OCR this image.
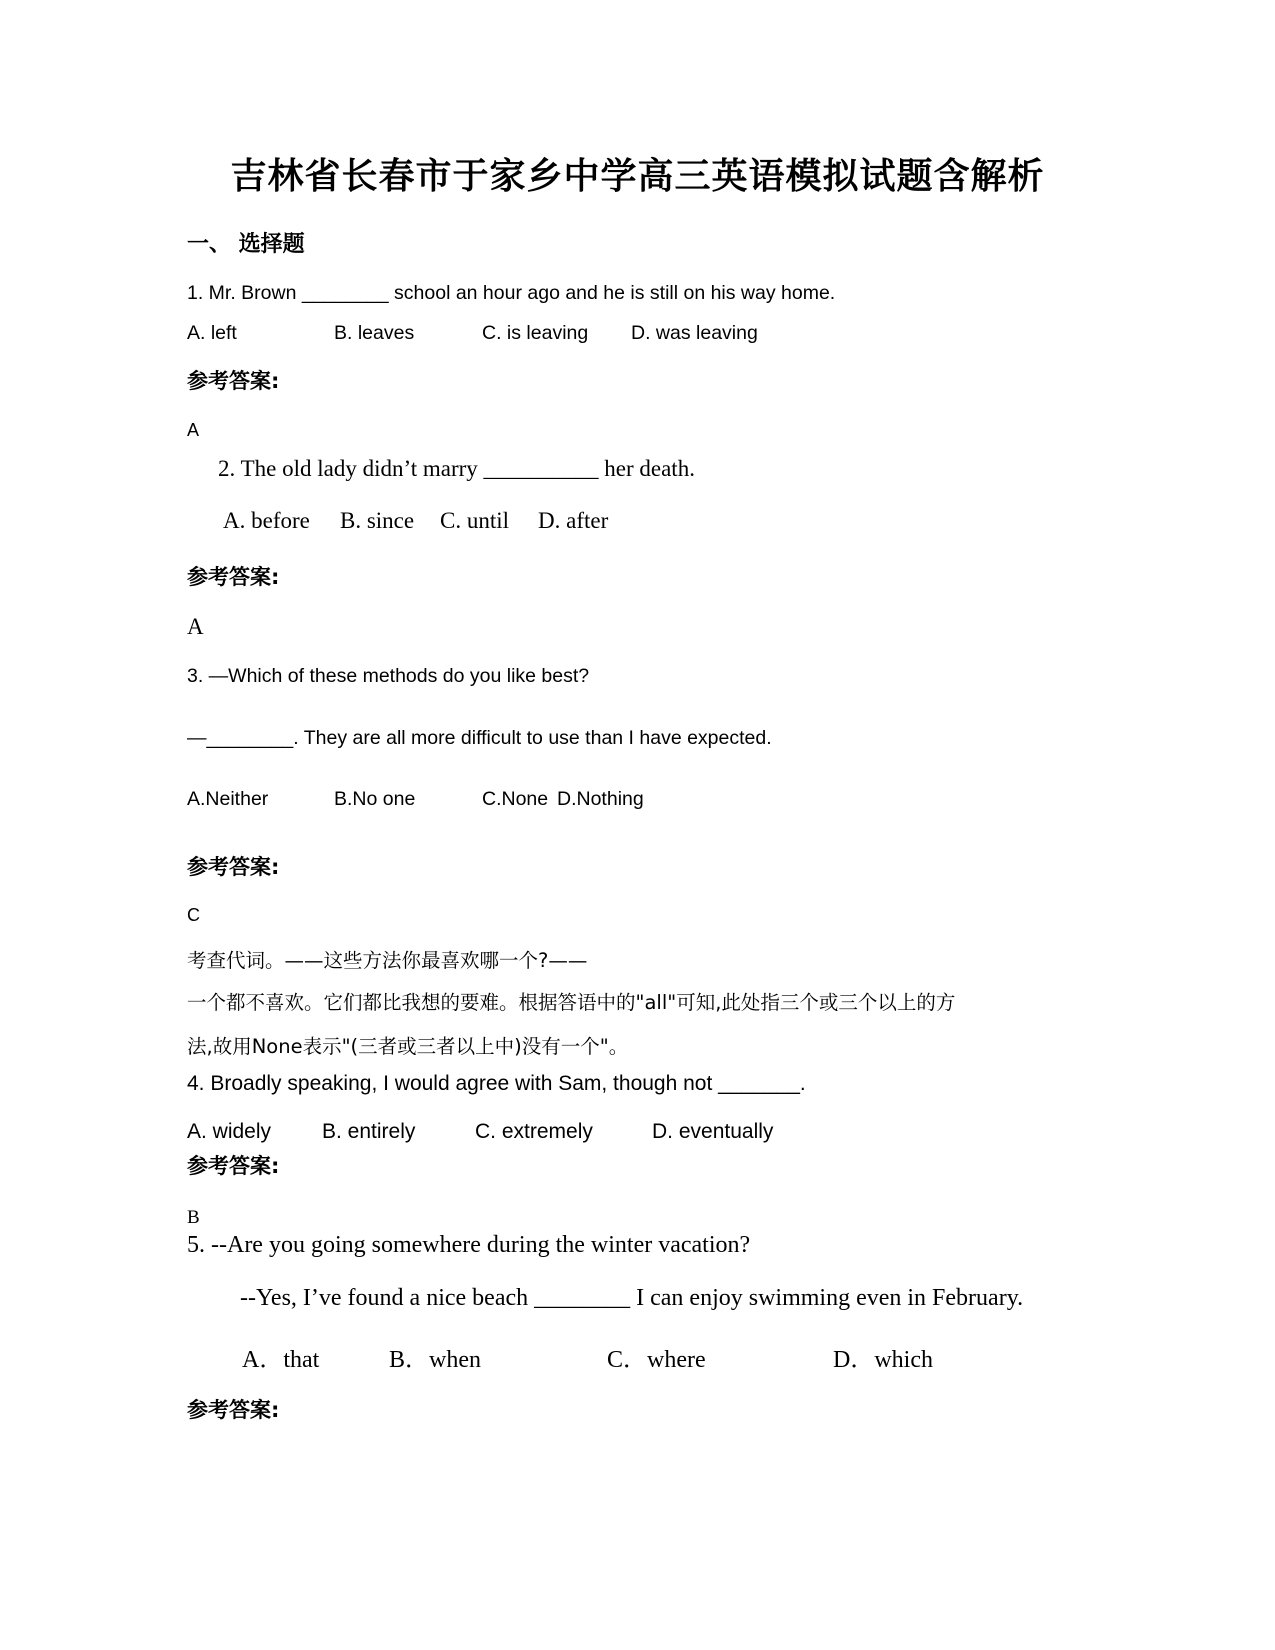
吉林省长春市于家乡中学高三英语模拟试题含解析
一、 选择题
1. Mr. Brown ________ school an hour ago and he is still on his way home.
A. left	B. leaves	C. is leaving D. was leaving
参考答案:
A
2. The old lady didn’t marry __________ her death.
A. before B. since C. until D. after
参考答案:
A
3. —Which of these methods do you like best?
—________. They are all more difficult to use than I have expected.
A.Neither	B.No one	C.None D.Nothing
参考答案:
C
考查代词。——这些方法你最喜欢哪一个?——
一个都不喜欢。它们都比我想的要难。根据答语中的"all"可知,此处指三个或三个以上的方
法,故用None表示"(三者或三者以上中)没有一个"。
4. Broadly speaking, I would agree with Sam, though not _______.
A. widely B. entirely	C. extremely	D. eventually
参考答案:
B
5. --Are you going somewhere during the winter vacation?
--Yes, I’ve found a nice beach ________ I can enjoy swimming even in February.
A．that	B．when	C．where	D．which
参考答案:
